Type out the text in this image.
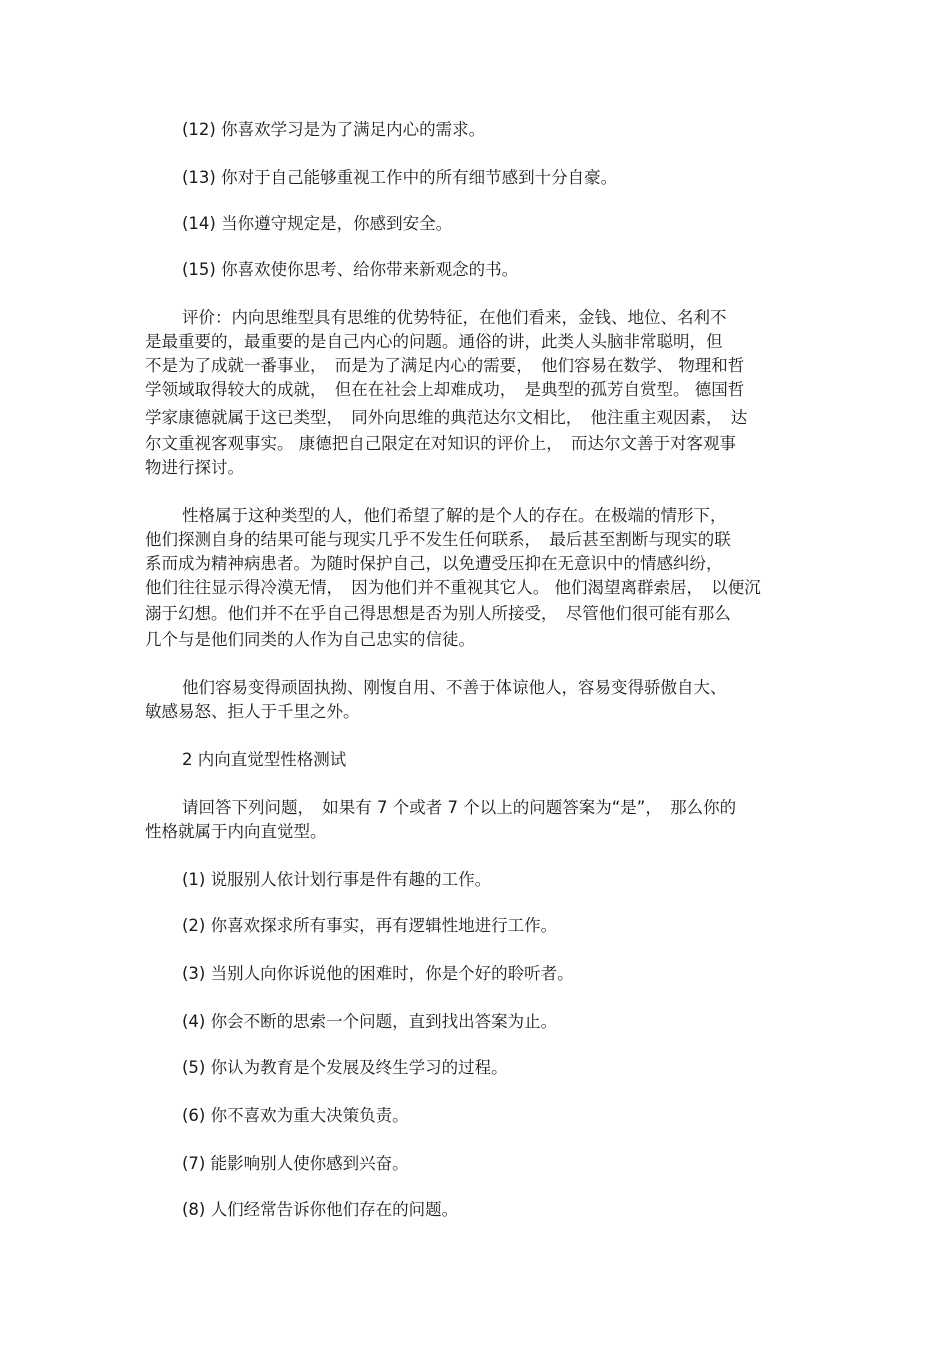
(12) 你喜欢学习是为了满足内心的需求。
(13) 你对于自己能够重视工作中的所有细节感到十分自豪。
(14) 当你遵守规定是，你感到安全。
(15) 你喜欢使你思考、给你带来新观念的书。
评价：内向思维型具有思维的优势特征，在他们看来，金钱、地位、名利不
是最重要的，最重要的是自己内心的问题。通俗的讲，此类人头脑非常聪明，但
不是为了成就一番事业，　而是为了满足内心的需要，　他们容易在数学、 物理和哲
学领域取得较大的成就，　但在在社会上却难成功，　是典型的孤芳自赏型。 德国哲
学家康德就属于这已类型，　同外向思维的典范达尔文相比，　他注重主观因素，　达
尔文重视客观事实。 康德把自己限定在对知识的评价上，　而达尔文善于对客观事
物进行探讨。
性格属于这种类型的人，他们希望了解的是个人的存在。在极端的情形下，
他们探测自身的结果可能与现实几乎不发生任何联系，　最后甚至割断与现实的联
系而成为精神病患者。为随时保护自己，以免遭受压抑在无意识中的情感纠纷，
他们往往显示得冷漠无情，　因为他们并不重视其它人。 他们渴望离群索居，　以便沉
溺于幻想。他们并不在乎自己得思想是否为别人所接受，　尽管他们很可能有那么
几个与是他们同类的人作为自己忠实的信徒。
他们容易变得顽固执拗、刚愎自用、不善于体谅他人，容易变得骄傲自大、
敏感易怒、拒人于千里之外。
2 内向直觉型性格测试
请回答下列问题，　如果有 7 个或者 7 个以上的问题答案为“是”，　那么你的
性格就属于内向直觉型。
(1) 说服别人依计划行事是件有趣的工作。
(2) 你喜欢探求所有事实，再有逻辑性地进行工作。
(3) 当别人向你诉说他的困难时，你是个好的聆听者。
(4) 你会不断的思索一个问题，直到找出答案为止。
(5) 你认为教育是个发展及终生学习的过程。
(6) 你不喜欢为重大决策负责。
(7) 能影响别人使你感到兴奋。
(8) 人们经常告诉你他们存在的问题。
